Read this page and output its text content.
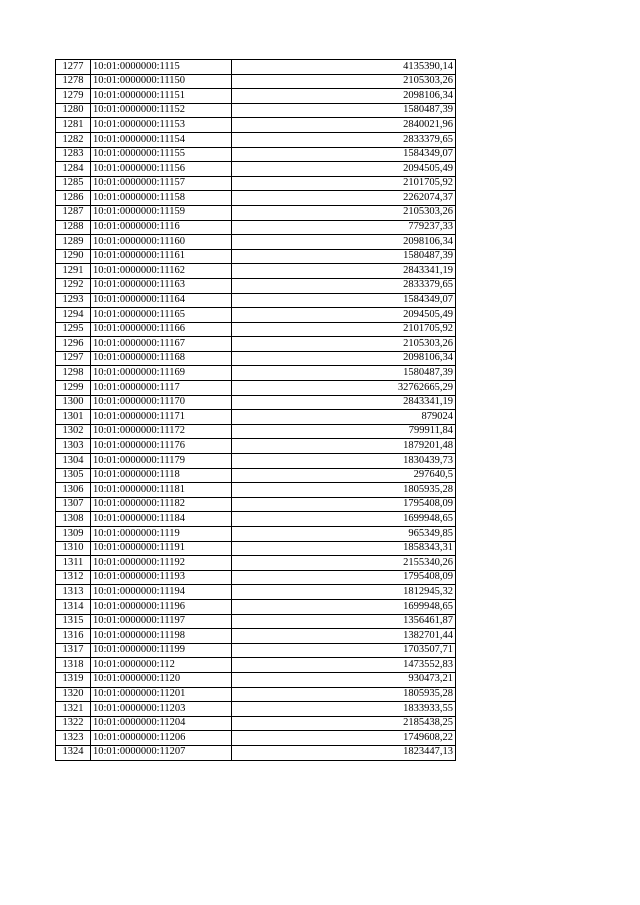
1277	10:01:0000000:1115	4135390,14
1278	10:01:0000000:11150	2105303,26
1279	10:01:0000000:11151	2098106,34
1280	10:01:0000000:11152	1580487,39
1281	10:01:0000000:11153	2840021,96
1282	10:01:0000000:11154	2833379,65
1283	10:01:0000000:11155	1584349,07
1284	10:01:0000000:11156	2094505,49
1285	10:01:0000000:11157	2101705,92
1286	10:01:0000000:11158	2262074,37
1287	10:01:0000000:11159	2105303,26
1288	10:01:0000000:1116	779237,33
1289	10:01:0000000:11160	2098106,34
1290	10:01:0000000:11161	1580487,39
1291	10:01:0000000:11162	2843341,19
1292	10:01:0000000:11163	2833379,65
1293	10:01:0000000:11164	1584349,07
1294	10:01:0000000:11165	2094505,49
1295	10:01:0000000:11166	2101705,92
1296	10:01:0000000:11167	2105303,26
1297	10:01:0000000:11168	2098106,34
1298	10:01:0000000:11169	1580487,39
1299	10:01:0000000:1117	32762665,29
1300	10:01:0000000:11170	2843341,19
1301	10:01:0000000:11171	879024
1302	10:01:0000000:11172	799911,84
1303	10:01:0000000:11176	1879201,48
1304	10:01:0000000:11179	1830439,73
1305	10:01:0000000:1118	297640,5
1306	10:01:0000000:11181	1805935,28
1307	10:01:0000000:11182	1795408,09
1308	10:01:0000000:11184	1699948,65
1309	10:01:0000000:1119	965349,85
1310	10:01:0000000:11191	1858343,31
1311	10:01:0000000:11192	2155340,26
1312	10:01:0000000:11193	1795408,09
1313	10:01:0000000:11194	1812945,32
1314	10:01:0000000:11196	1699948,65
1315	10:01:0000000:11197	1356461,87
1316	10:01:0000000:11198	1382701,44
1317	10:01:0000000:11199	1703507,71
1318	10:01:0000000:112	1473552,83
1319	10:01:0000000:1120	930473,21
1320	10:01:0000000:11201	1805935,28
1321	10:01:0000000:11203	1833933,55
1322	10:01:0000000:11204	2185438,25
1323	10:01:0000000:11206	1749608,22
1324	10:01:0000000:11207	1823447,13
